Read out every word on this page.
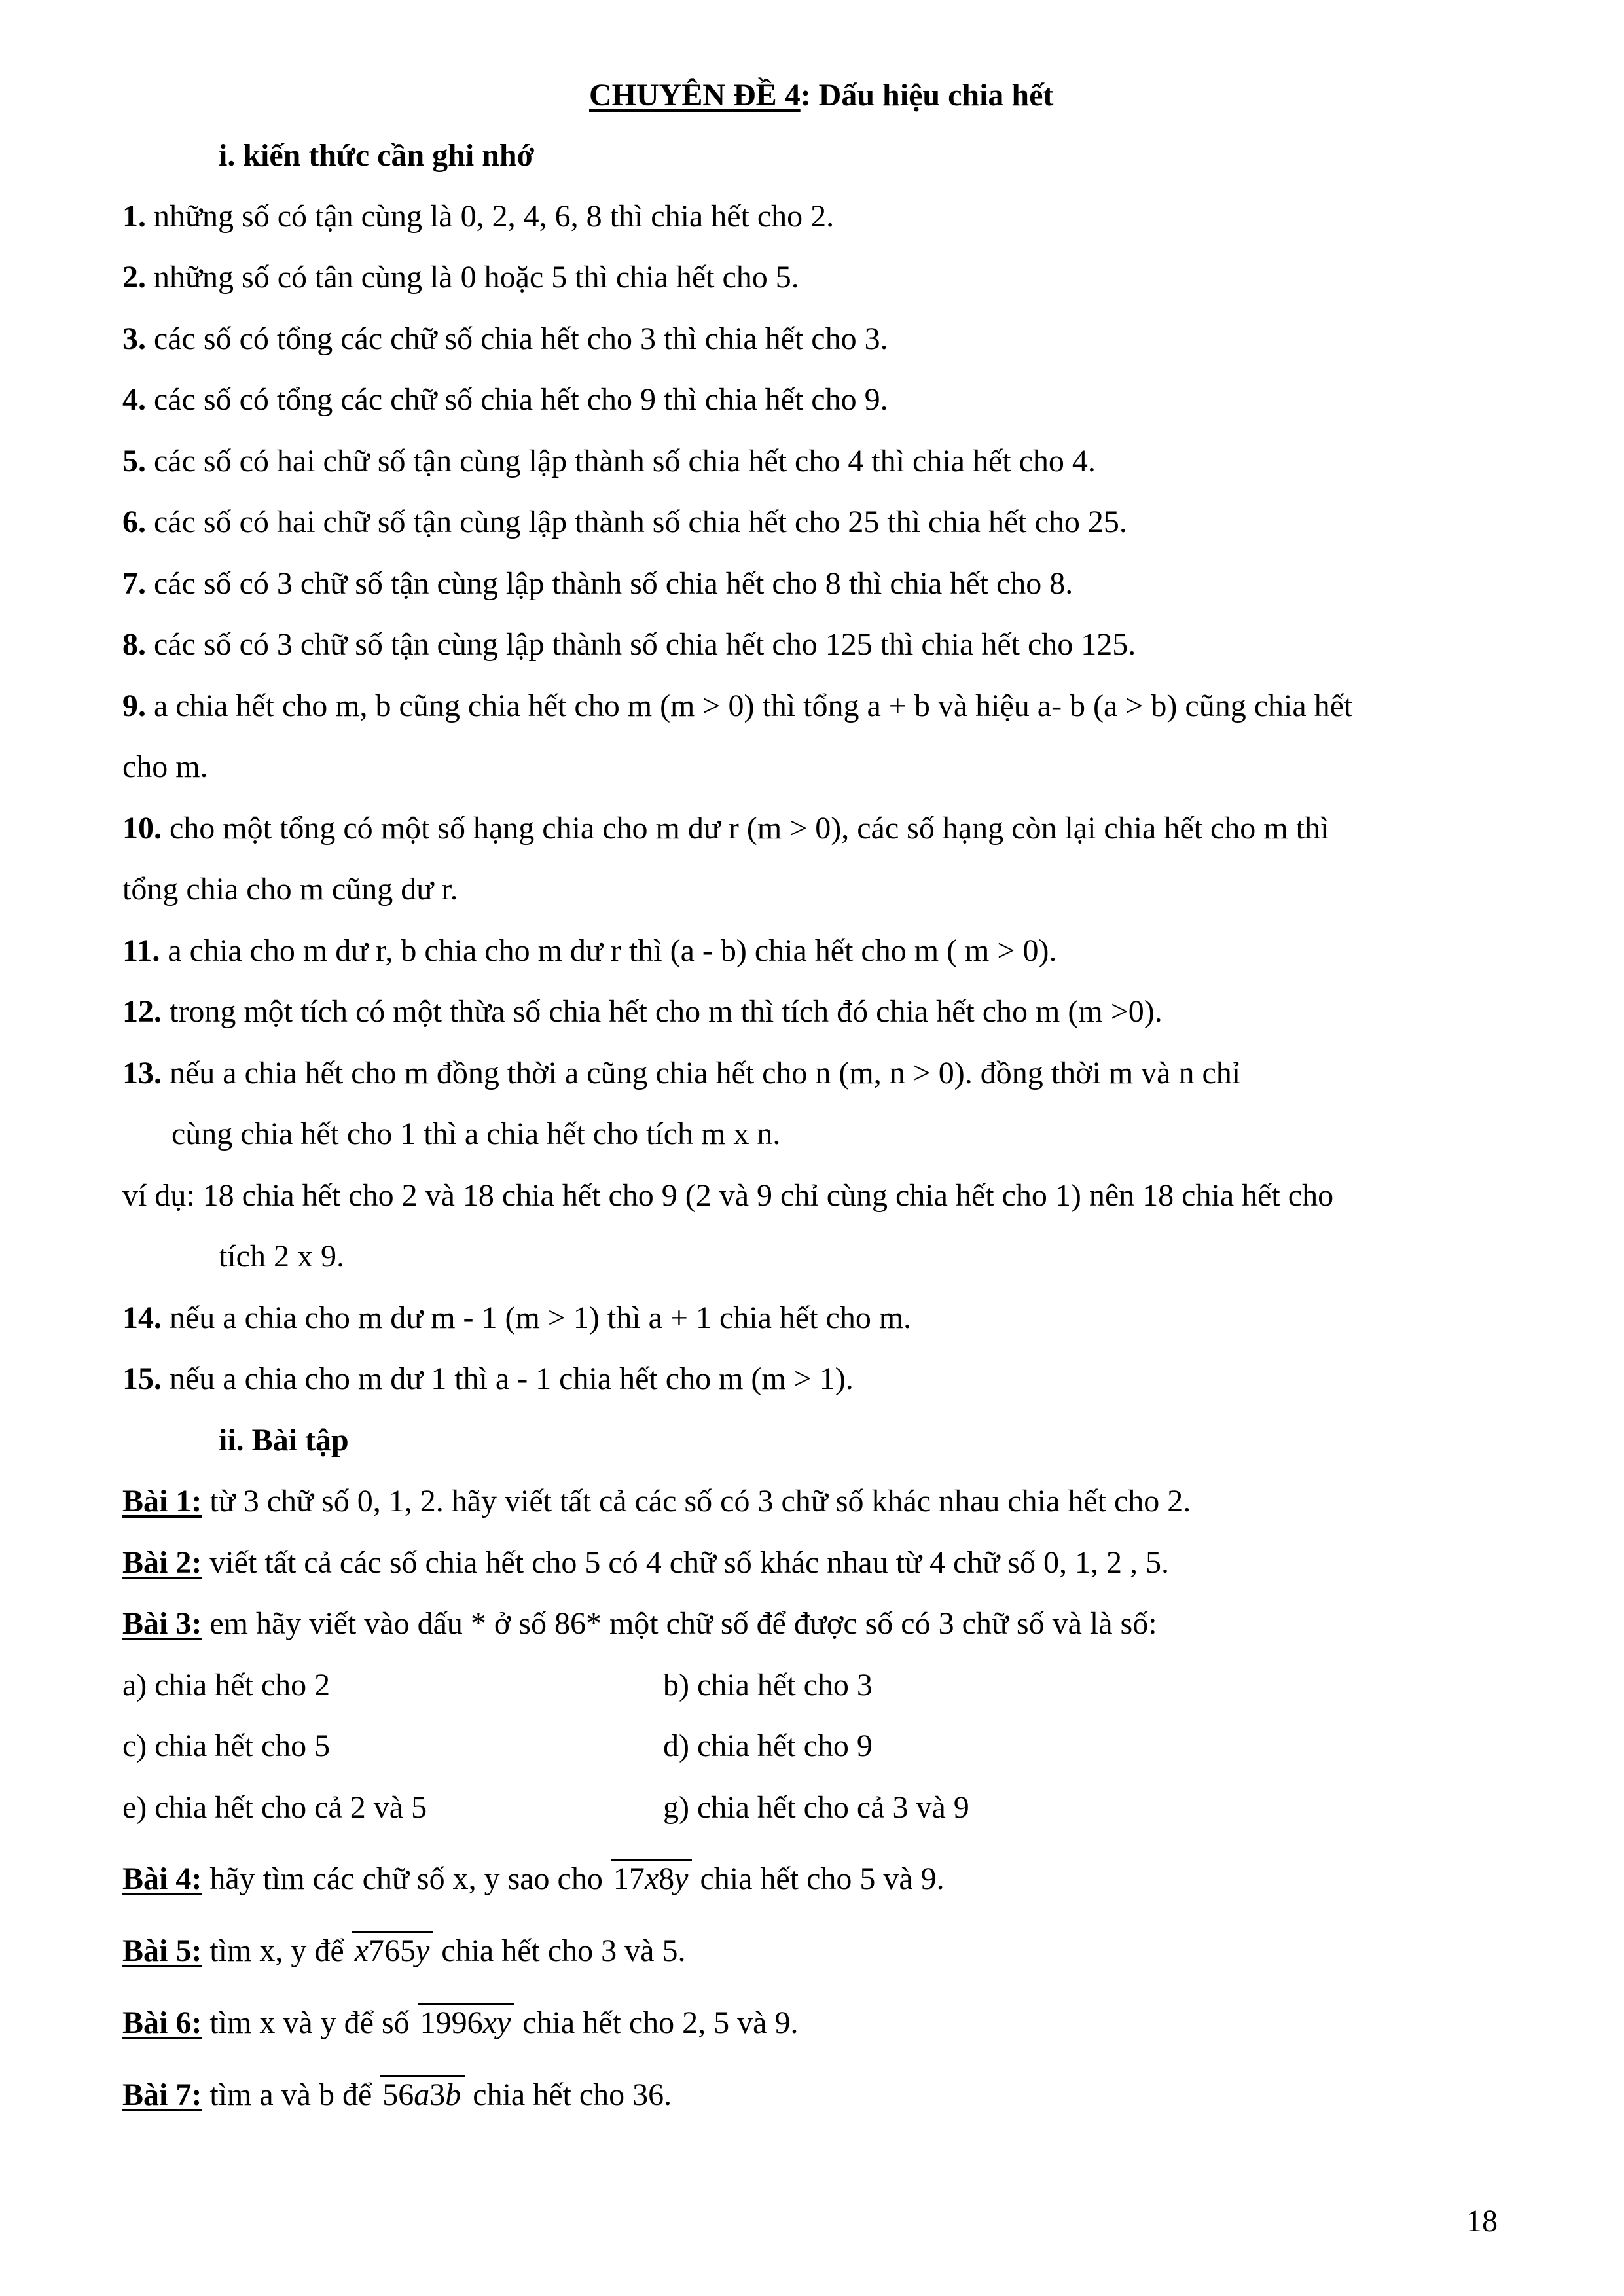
CHUYÊN ĐỀ 4: Dấu hiệu chia hết
i. kiến thức cần ghi nhớ
1. những số có tận cùng là 0, 2, 4, 6, 8 thì chia hết cho 2.
2. những số có tân cùng là 0 hoặc 5 thì chia hết cho 5.
3. các số có tổng các chữ số chia hết cho 3 thì chia hết cho 3.
4. các số có tổng các chữ số chia hết cho 9 thì chia hết cho 9.
5. các số có hai chữ số tận cùng lập thành số chia hết cho 4 thì chia hết cho 4.
6. các số có hai chữ số tận cùng lập thành số chia hết cho 25 thì chia hết cho 25.
7. các số có 3 chữ số tận cùng lập thành số chia hết cho 8 thì chia hết cho 8.
8. các số có 3 chữ số tận cùng lập thành số chia hết cho 125 thì chia hết cho 125.
9. a chia hết cho m, b cũng chia hết cho m (m > 0) thì tổng a + b và hiệu a- b (a > b) cũng chia hết
cho m.
10. cho một tổng có một số hạng chia cho m dư r (m > 0), các số hạng còn lại chia hết cho m thì
tổng chia cho m cũng dư r.
11. a chia cho m dư r, b chia cho m dư r thì (a - b) chia hết cho m ( m > 0).
12. trong một tích có một thừa số chia hết cho m thì tích đó chia hết cho m (m >0).
13. nếu a chia hết cho m đồng thời a cũng chia hết cho n (m, n > 0). đồng thời m và n chỉ
cùng chia hết cho 1 thì a chia hết cho tích m x n.
ví dụ: 18 chia hết cho 2 và 18 chia hết cho 9 (2 và 9 chỉ cùng chia hết cho 1) nên 18 chia hết cho
tích 2 x 9.
14. nếu a chia cho m dư m - 1 (m > 1) thì a + 1 chia hết cho m.
15. nếu a chia cho m dư 1 thì a - 1 chia hết cho m (m > 1).
ii. Bài tập
Bài 1: từ 3 chữ số 0, 1, 2. hãy viết tất cả các số có 3 chữ số khác nhau chia hết cho 2.
Bài 2: viết tất cả các số chia hết cho 5 có 4 chữ số khác nhau từ 4 chữ số 0, 1, 2 , 5.
Bài 3: em hãy viết vào dấu * ở số 86* một chữ số để được số có 3 chữ số và là số:
a) chia hết cho 2	b) chia hết cho 3
c) chia hết cho 5	d) chia hết cho 9
e) chia hết cho cả 2 và 5	g) chia hết cho cả 3 và 9
Bài 4: hãy tìm các chữ số x, y sao cho 17x8y chia hết cho 5 và 9.
Bài 5: tìm x, y để x765y chia hết cho 3 và 5.
Bài 6: tìm x và y để số 1996xy chia hết cho 2, 5 và 9.
Bài 7: tìm a và b để 56a3b chia hết cho 36.
18
